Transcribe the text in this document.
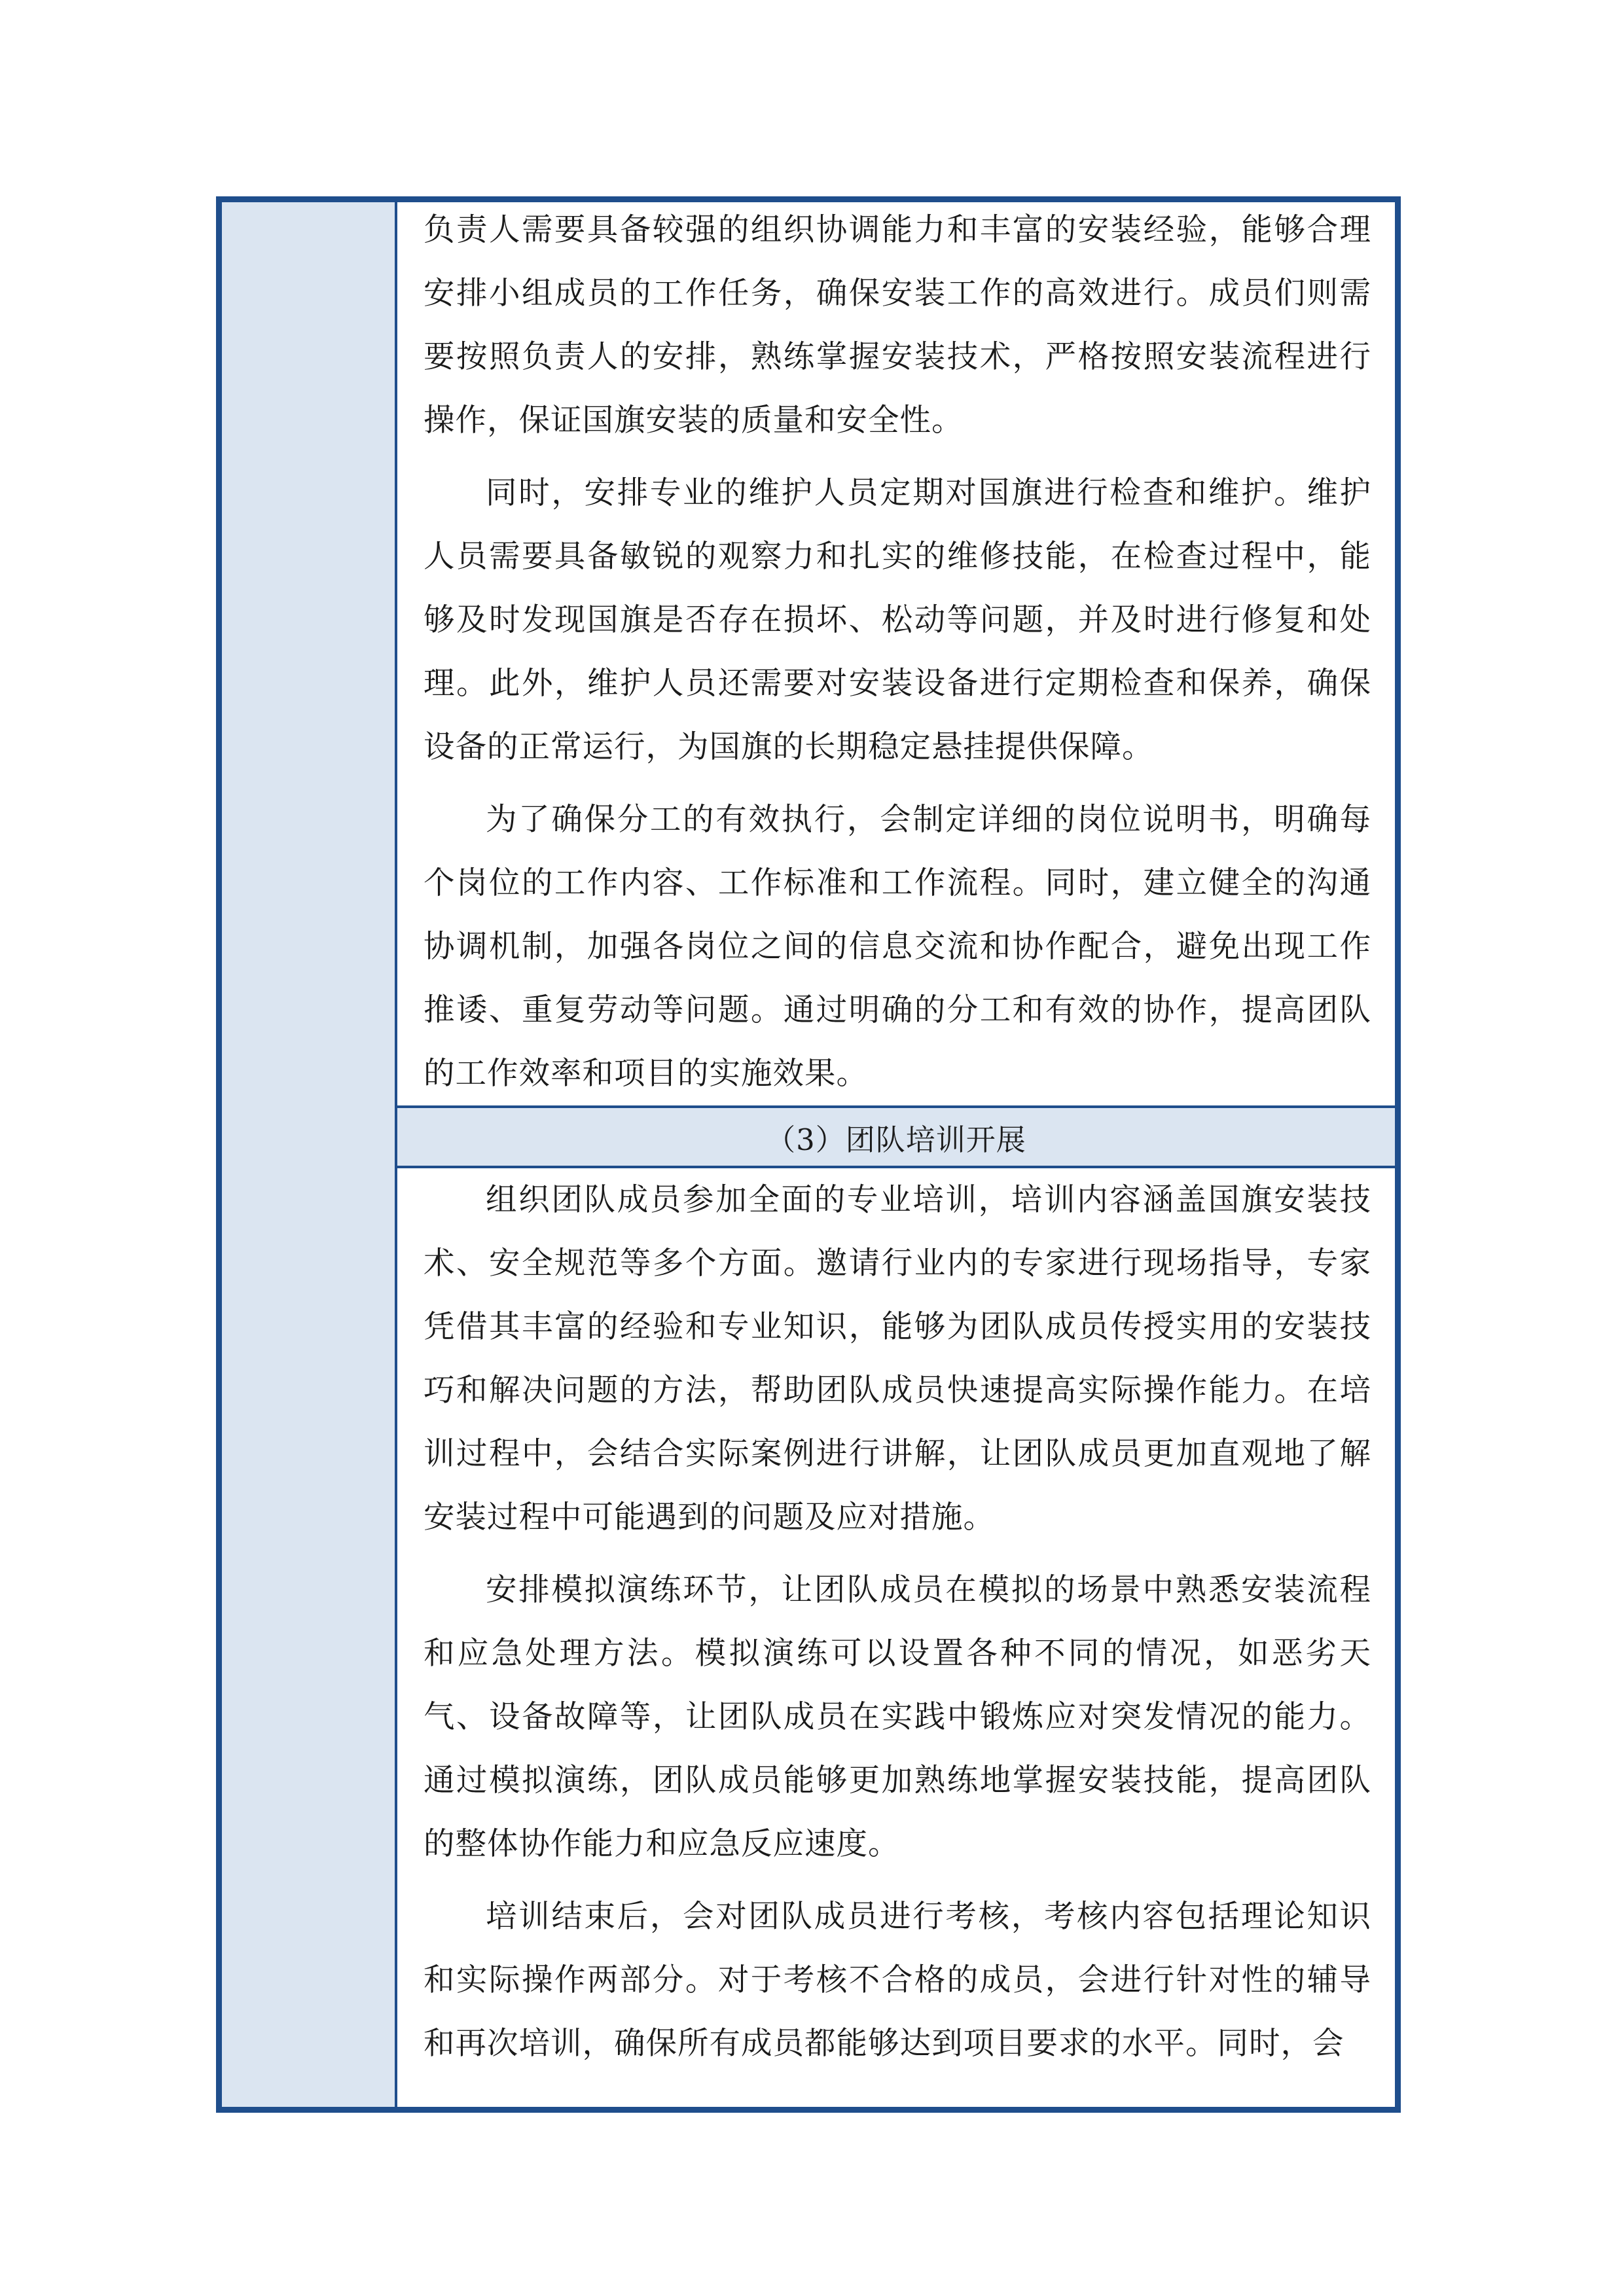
负责人需要具备较强的组织协调能力和丰富的安装经验，能够合理安排小组成员的工作任务，确保安装工作的高效进行。成员们则需要按照负责人的安排，熟练掌握安装技术，严格按照安装流程进行操作，保证国旗安装的质量和安全性。

同时，安排专业的维护人员定期对国旗进行检查和维护。维护人员需要具备敏锐的观察力和扎实的维修技能，在检查过程中，能够及时发现国旗是否存在损坏、松动等问题，并及时进行修复和处理。此外，维护人员还需要对安装设备进行定期检查和保养，确保设备的正常运行，为国旗的长期稳定悬挂提供保障。

为了确保分工的有效执行，会制定详细的岗位说明书，明确每个岗位的工作内容、工作标准和工作流程。同时，建立健全的沟通协调机制，加强各岗位之间的信息交流和协作配合，避免出现工作推诿、重复劳动等问题。通过明确的分工和有效的协作，提高团队的工作效率和项目的实施效果。

（3）团队培训开展

组织团队成员参加全面的专业培训，培训内容涵盖国旗安装技术、安全规范等多个方面。邀请行业内的专家进行现场指导，专家凭借其丰富的经验和专业知识，能够为团队成员传授实用的安装技巧和解决问题的方法，帮助团队成员快速提高实际操作能力。在培训过程中，会结合实际案例进行讲解，让团队成员更加直观地了解安装过程中可能遇到的问题及应对措施。

安排模拟演练环节，让团队成员在模拟的场景中熟悉安装流程和应急处理方法。模拟演练可以设置各种不同的情况，如恶劣天气、设备故障等，让团队成员在实践中锻炼应对突发情况的能力。通过模拟演练，团队成员能够更加熟练地掌握安装技能，提高团队的整体协作能力和应急反应速度。

培训结束后，会对团队成员进行考核，考核内容包括理论知识和实际操作两部分。对于考核不合格的成员，会进行针对性的辅导和再次培训，确保所有成员都能够达到项目要求的水平。同时，会
